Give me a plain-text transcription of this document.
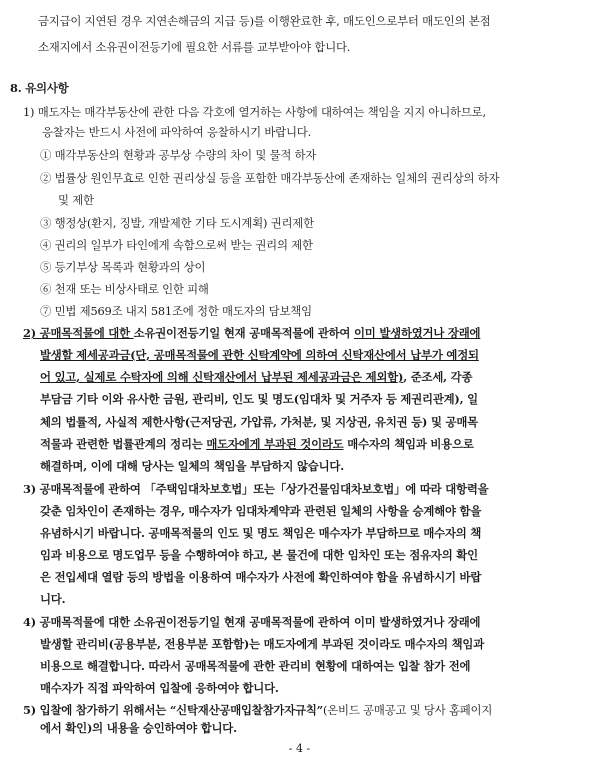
금지급이 지연된 경우 지연손해금의 지급 등)를 이행완료한 후, 매도인으로부터 매도인의 본점
소재지에서 소유권이전등기에 필요한 서류를 교부받아야 합니다.
8. 유의사항
1) 매도자는 매각부동산에 관한 다음 각호에 열거하는 사항에 대하여는 책임을 지지 아니하므로,
응찰자는 반드시 사전에 파악하여 응찰하시기 바랍니다.
① 매각부동산의 현황과 공부상 수량의 차이 및 물적 하자
② 법률상 원인무효로 인한 권리상실 등을 포함한 매각부동산에 존재하는 일체의 권리상의 하자
및 제한
③ 행정상(환지, 징발, 개발제한 기타 도시계획) 권리제한
④ 권리의 일부가 타인에게 속함으로써 받는 권리의 제한
⑤ 등기부상 목록과 현황과의 상이
⑥ 천재 또는 비상사태로 인한 피해
⑦ 민법 제569조 내지 581조에 정한 매도자의 담보책임
2) 공매목적물에 대한 소유권이전등기일 현재 공매목적물에 관하여 이미 발생하였거나 장래에
발생할 제세공과금(단, 공매목적물에 관한 신탁계약에 의하여 신탁재산에서 납부가 예정되
어 있고, 실제로 수탁자에 의해 신탁재산에서 납부된 제세공과금은 제외함), 준조세, 각종
부담금 기타 이와 유사한 금원, 관리비, 인도 및 명도(임대차 및 거주자 등 제권리관계), 일
체의 법률적, 사실적 제한사항(근저당권, 가압류, 가처분, 및 지상권, 유치권 등) 및 공매목
적물과 관련한 법률관계의 정리는 매도자에게 부과된 것이라도 매수자의 책임과 비용으로
해결하며, 이에 대해 당사는 일체의 책임을 부담하지 않습니다.
3) 공매목적물에 관하여 「주택임대차보호법」또는「상가건물임대차보호법」에 따라 대항력을
갖춘 임차인이 존재하는 경우, 매수자가 임대차계약과 관련된 일체의 사항을 승계해야 함을
유념하시기 바랍니다. 공매목적물의 인도 및 명도 책임은 매수자가 부담하므로 매수자의 책
임과 비용으로 명도업무 등을 수행하여야 하고, 본 물건에 대한 임차인 또는 점유자의 확인
은 전입세대 열람 등의 방법을 이용하여 매수자가 사전에 확인하여야 함을 유념하시기 바랍
니다.
4) 공매목적물에 대한 소유권이전등기일 현재 공매목적물에 관하여 이미 발생하였거나 장래에
발생할 관리비(공용부분, 전용부분 포함함)는 매도자에게 부과된 것이라도 매수자의 책임과
비용으로 해결합니다. 따라서 공매목적물에 관한 관리비 현황에 대하여는 입찰 참가 전에
매수자가 직접 파악하여 입찰에 응하여야 합니다.
5) 입찰에 참가하기 위해서는 “신탁재산공매입찰참가자규칙”(온비드 공매공고 및 당사 홈페이지
에서 확인)의 내용을 승인하여야 합니다.
- 4 -
